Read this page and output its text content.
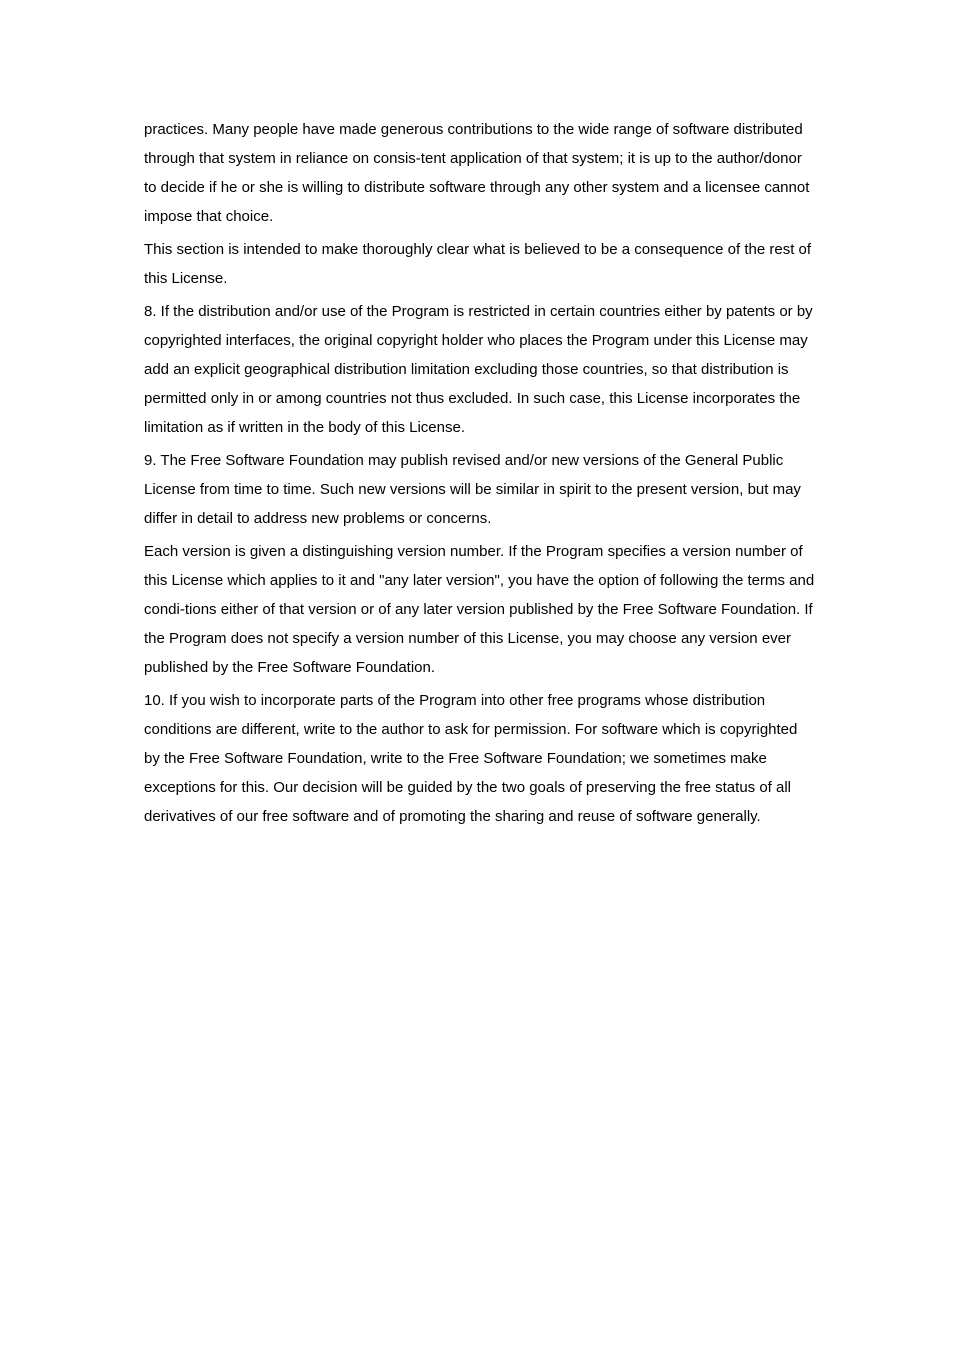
practices. Many people have made generous contributions to the wide range of software distributed through that system in reliance on consis-tent application of that system; it is up to the author/donor to decide if he or she is willing to distribute software through any other system and a licensee cannot impose that choice.

This section is intended to make thoroughly clear what is believed to be a consequence of the rest of this License.

8. If the distribution and/or use of the Program is restricted in certain countries either by patents or by copyrighted interfaces, the original copyright holder who places the Program under this License may add an explicit geographical distribution limitation excluding those countries, so that distribution is permitted only in or among countries not thus excluded. In such case, this License incorporates the limitation as if written in the body of this License.

9. The Free Software Foundation may publish revised and/or new versions of the General Public License from time to time. Such new versions will be similar in spirit to the present version, but may differ in detail to address new problems or concerns.

Each version is given a distinguishing version number. If the Program specifies a version number of this License which applies to it and "any later version", you have the option of following the terms and condi-tions either of that version or of any later version published by the Free Software Foundation. If the Program does not specify a version number of this License, you may choose any version ever published by the Free Software Foundation.

10. If you wish to incorporate parts of the Program into other free programs whose distribution conditions are different, write to the author to ask for permission. For software which is copyrighted by the Free Software Foundation, write to the Free Software Foundation; we sometimes make exceptions for this. Our decision will be guided by the two goals of preserving the free status of all derivatives of our free software and of promoting the sharing and reuse of software generally.
